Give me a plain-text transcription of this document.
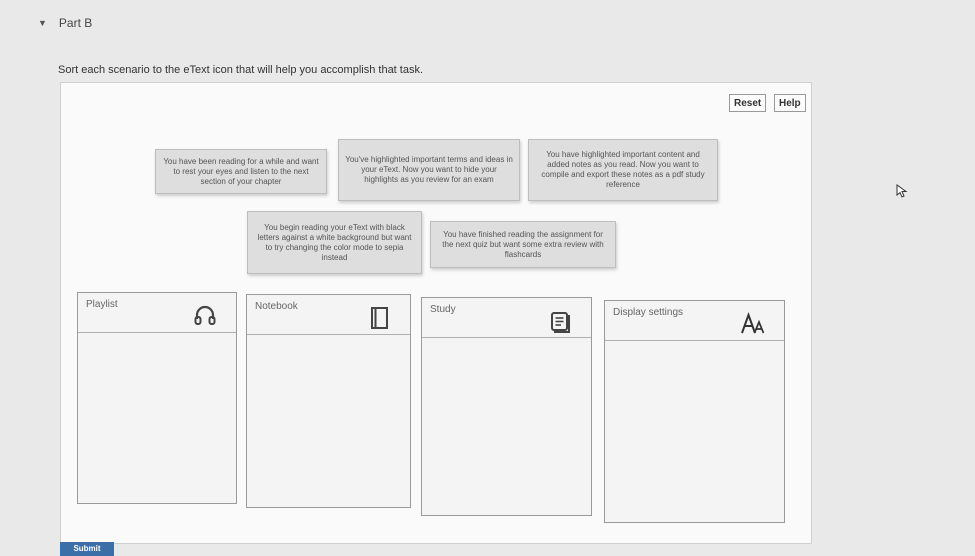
▼ Part B
Sort each scenario to the eText icon that will help you accomplish that task.
Reset	Help
You have been reading for a while and want to rest your eyes and listen to the next section of your chapter
You've highlighted important terms and ideas in your eText. Now you want to hide your highlights as you review for an exam
You have highlighted important content and added notes as you read. Now you want to compile and export these notes as a pdf study reference
You begin reading your eText with black letters against a white background but want to try changing the color mode to sepia instead
You have finished reading the assignment for the next quiz but want some extra review with flashcards
Playlist	Notebook	Study	Display settings
Submit
